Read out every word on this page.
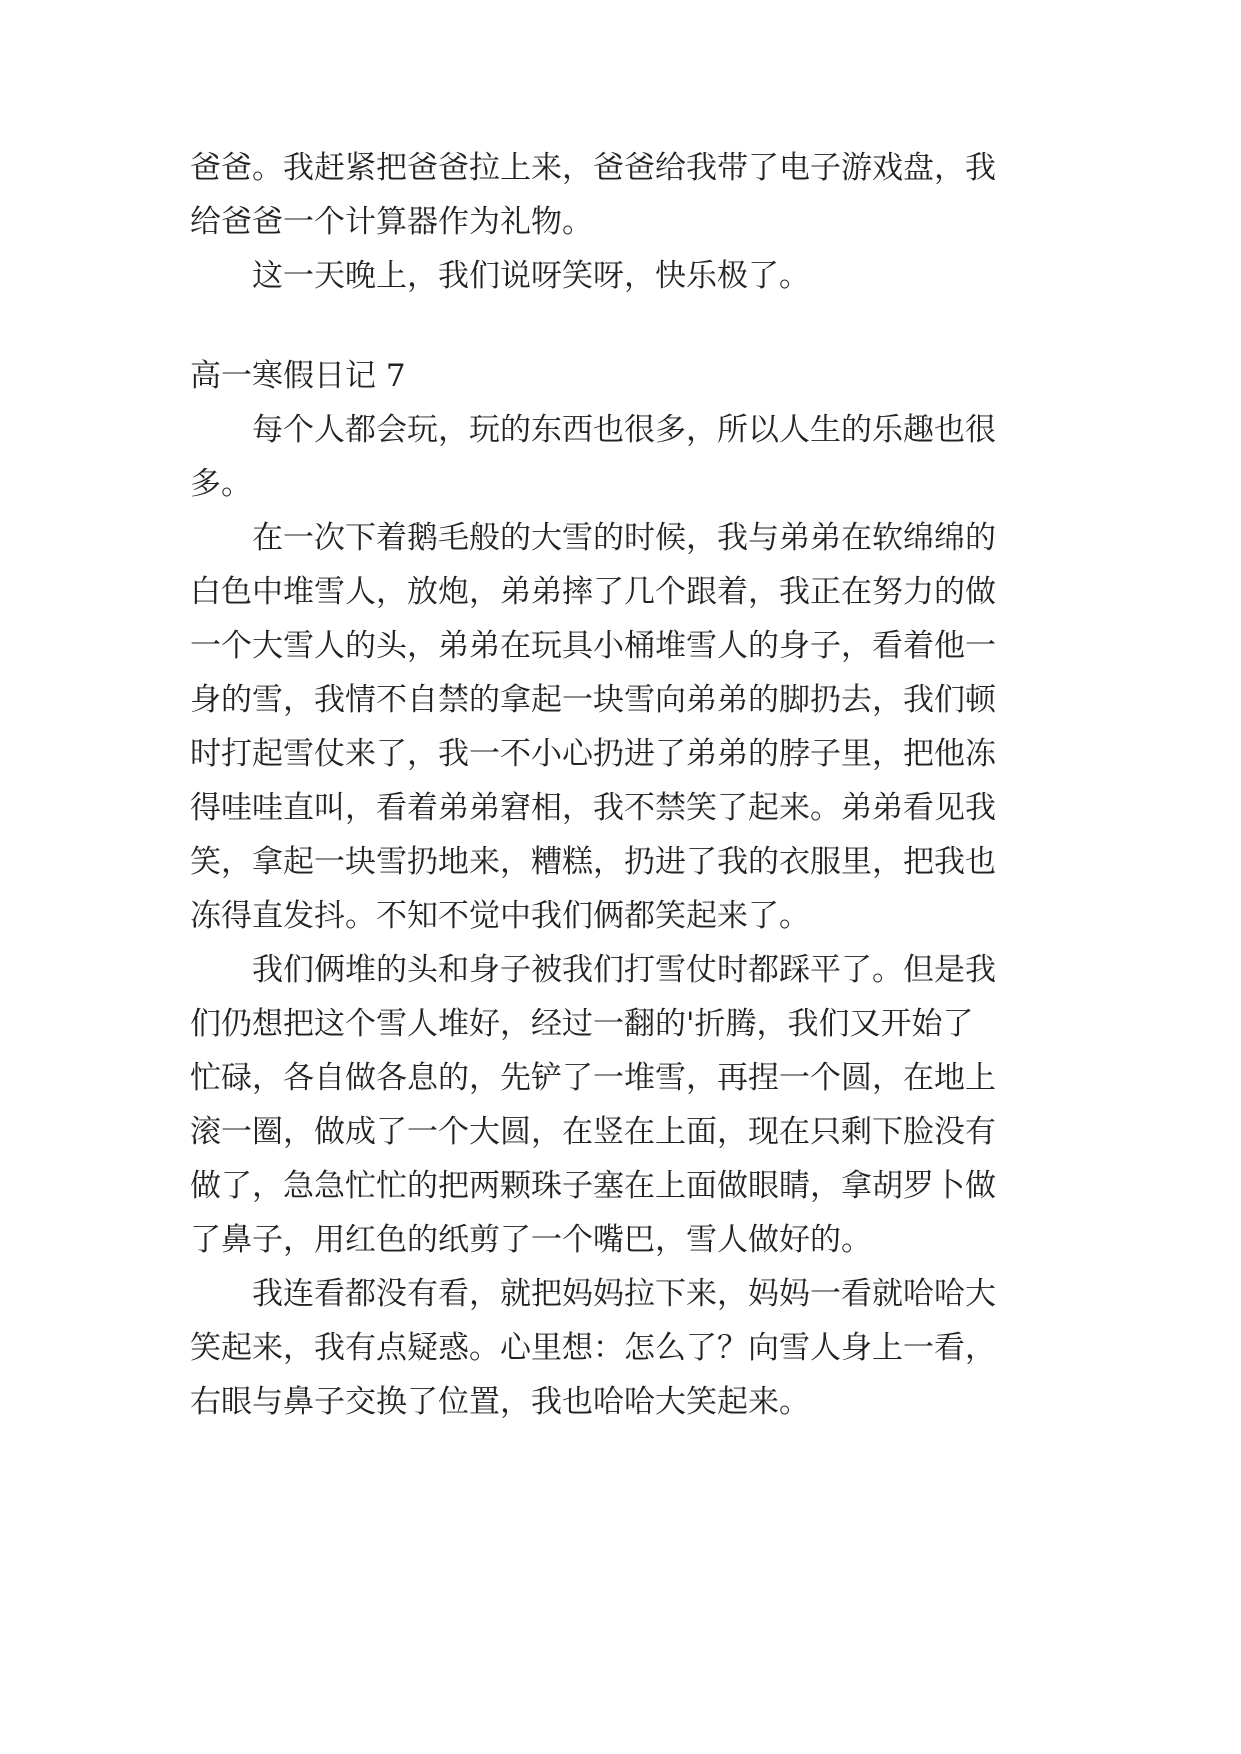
爸爸。我赶紧把爸爸拉上来，爸爸给我带了电子游戏盘，我
给爸爸一个计算器作为礼物。
这一天晚上，我们说呀笑呀，快乐极了。
高一寒假日记 7
每个人都会玩，玩的东西也很多，所以人生的乐趣也很
多。
在一次下着鹅毛般的大雪的时候，我与弟弟在软绵绵的
白色中堆雪人，放炮，弟弟摔了几个跟着，我正在努力的做
一个大雪人的头，弟弟在玩具小桶堆雪人的身子，看着他一
身的雪，我情不自禁的拿起一块雪向弟弟的脚扔去，我们顿
时打起雪仗来了，我一不小心扔进了弟弟的脖子里，把他冻
得哇哇直叫，看着弟弟窘相，我不禁笑了起来。弟弟看见我
笑，拿起一块雪扔地来，糟糕，扔进了我的衣服里，把我也
冻得直发抖。不知不觉中我们俩都笑起来了。
我们俩堆的头和身子被我们打雪仗时都踩平了。但是我
们仍想把这个雪人堆好，经过一翻的'折腾，我们又开始了
忙碌，各自做各息的，先铲了一堆雪，再捏一个圆，在地上
滚一圈，做成了一个大圆，在竖在上面，现在只剩下脸没有
做了，急急忙忙的把两颗珠子塞在上面做眼睛，拿胡罗卜做
了鼻子，用红色的纸剪了一个嘴巴，雪人做好的。
我连看都没有看，就把妈妈拉下来，妈妈一看就哈哈大
笑起来，我有点疑惑。心里想：怎么了？向雪人身上一看，
右眼与鼻子交换了位置，我也哈哈大笑起来。
